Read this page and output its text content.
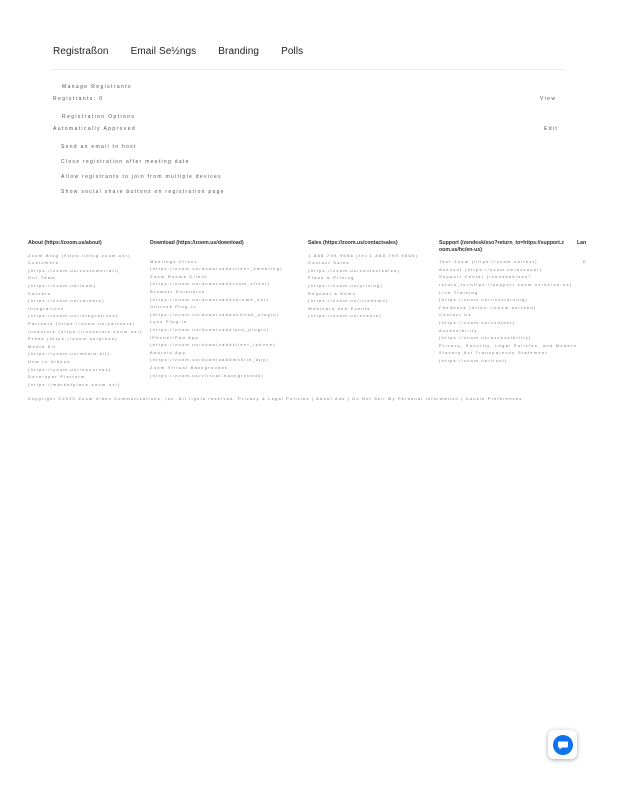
Registraßon Email Se½ngs Branding Polls
Manage Registrants
Registrants: 0	View
Registration Options
Automatically Approved	Edit
Send an email to host
Close registration after meeting date
Allow registrants to join from multiple devices
Show social share buttons on registration page
About (https://zoom.us/about)
Zoom Blog (https://blog.zoom.us/)
Customers
(https://zoom.us/customer/all)
Our Team
(https://zoom.us/team)
Careers
(https://zoom.us/careers)
Integrations
(https://zoom.us/integrations)
Partners (https://zoom.us/partners)
Investors (https://investors.zoom.us/)
Press (https://zoom.us/press)
Media Kit
(https://zoom.us/media-kit)
How to Videos
(https://zoom.us/resources)
Developer Platform
(https://marketplace.zoom.us/)
Download (https://zoom.us/download)
Meetings Client
(https://zoom.us/download#client_4meeting)
Zoom Rooms Client
(https://zoom.us/download#room_client)
Browser Extension
(https://zoom.us/download#chrome_ext)
Outlook Plug-in
(https://zoom.us/download#outlook_plugin)
Lync Plug-in
(https://zoom.us/download#lync_plugin)
iPhone/iPad App
(https://zoom.us/download#client_iphone)
Android App
(https://zoom.us/download#mobile_app)
Zoom Virtual Backgrounds
(https://zoom.us/virtual-backgrounds)
Sales (https://zoom.us/contactsales)
1.888.799.9666 (tel:1.888.799.9666)
Contact Sales
(https://zoom.us/contactsales)
Plans & Pricing
(https://zoom.us/pricing)
Request a Demo
(https://zoom.us/livedemo)
Webinars and Events
(https://zoom.us/events)
Support (/zendesk/sso?return_to=https://support.zoom.us/hc/en-us)
Test Zoom (https://zoom.us/test)
Account (https://zoom.us/account)
Support Center (/zendesk/sso?
return_to=https://support.zoom.us/hc/en-us)
Live Training
(https://zoom.us/livetraining)
Feedback (https://zoom.us/feed)
Contact Us
(https://zoom.us/contact)
Accessibility
(https://zoom.us/accessibility)
Privacy, Security, Legal Policies, and Modern
Slavery Act Transparency Statement
(https://zoom.us/trust)
Lan
E
Copyright ©2020 Zoom Video Communications, Inc. All rights reserved. Privacy & Legal Policies | About Ads | Do Not Sell My Personal Information | Cookie Preferences
